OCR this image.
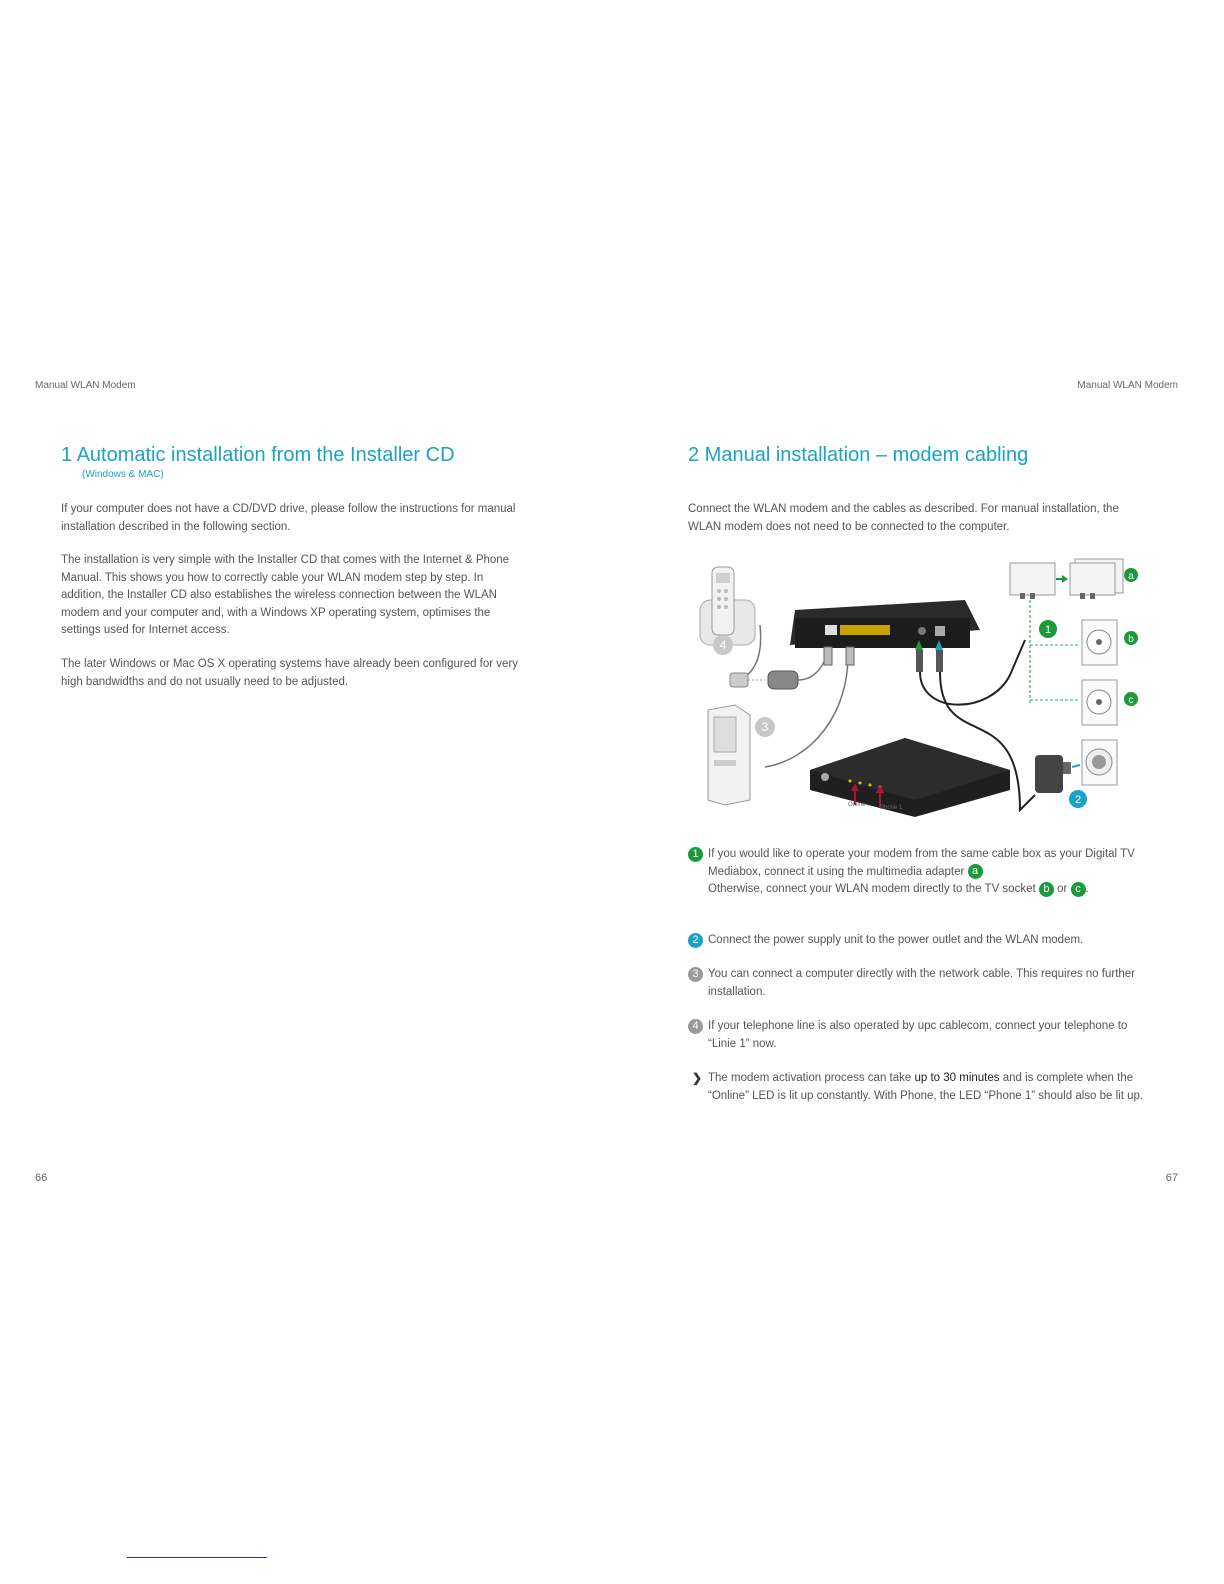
Manual WLAN Modem	Manual WLAN Modem
1 Automatic installation from the Installer CD
(Windows & MAC)
If your computer does not have a CD/DVD drive, please follow the instructions for manual installation described in the following section.
The installation is very simple with the Installer CD that comes with the Internet & Phone Manual. This shows you how to correctly cable your WLAN modem step by step. In addition, the Installer CD also establishes the wireless connection between the WLAN modem and your computer and, with a Windows XP operating system, optimises the settings used for Internet access.
The later Windows or Mac OS X operating systems have already been configured for very high bandwidths and do not usually need to be adjusted.
66
2 Manual installation – modem cabling
Connect the WLAN modem and the cables as described. For manual installation, the WLAN modem does not need to be connected to the computer.
4
3
Online Phone 1
a
b
c
1
2
1 If you would like to operate your modem from the same cable box as your Digital TV Mediabox, connect it using the multimedia adapter a
Otherwise, connect your WLAN modem directly to the TV socket b or c .
2 Connect the power supply unit to the power outlet and the WLAN modem.
3 You can connect a computer directly with the network cable. This requires no further installation.
4 If your telephone line is also operated by upc cablecom, connect your telephone to “Linie 1” now.
❯ The modem activation process can take up to 30 minutes and is complete when the “Online” LED is lit up constantly. With Phone, the LED “Phone 1” should also be lit up.
67
